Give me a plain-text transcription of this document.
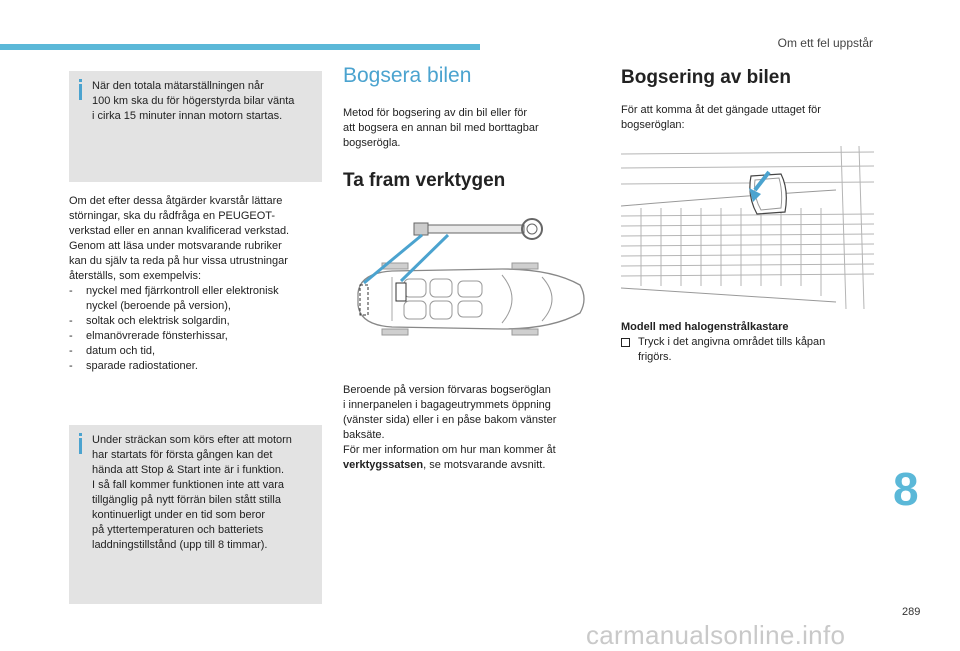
Om ett fel uppstår
När den totala mätarställningen når
100 km ska du för högerstyrda bilar vänta
i cirka 15 minuter innan motorn startas.
Om det efter dessa åtgärder kvarstår lättare
störningar, ska du rådfråga en PEUGEOT-
verkstad eller en annan kvalificerad verkstad.
Genom att läsa under motsvarande rubriker
kan du själv ta reda på hur vissa utrustningar
återställs, som exempelvis:
- nyckel med fjärrkontroll eller elektronisk
nyckel (beroende på version),
- soltak och elektrisk solgardin,
- elmanövrerade fönsterhissar,
- datum och tid,
- sparade radiostationer.
Under sträckan som körs efter att motorn
har startats för första gången kan det
hända att Stop & Start inte är i funktion.
I så fall kommer funktionen inte att vara
tillgänglig på nytt förrän bilen stått stilla
kontinuerligt under en tid som beror
på yttertemperaturen och batteriets
laddningstillstånd (upp till 8 timmar).
Bogsera bilen
Metod för bogsering av din bil eller för
att bogsera en annan bil med borttagbar
bogseröglа.
Ta fram verktygen
Beroende på version förvaras bogseröglan
i innerpanelen i bagageutrymmets öppning
(vänster sida) eller i en påse bakom vänster
baksäte.
För mer information om hur man kommer åt
verktygssatsen, se motsvarande avsnitt.
Bogsering av bilen
För att komma åt det gängade uttaget för
bogseröglan:
Modell med halogenstrålkastare
Tryck i det angivna området tills kåpan
frigörs.
8
289
carmanualsonline.info
